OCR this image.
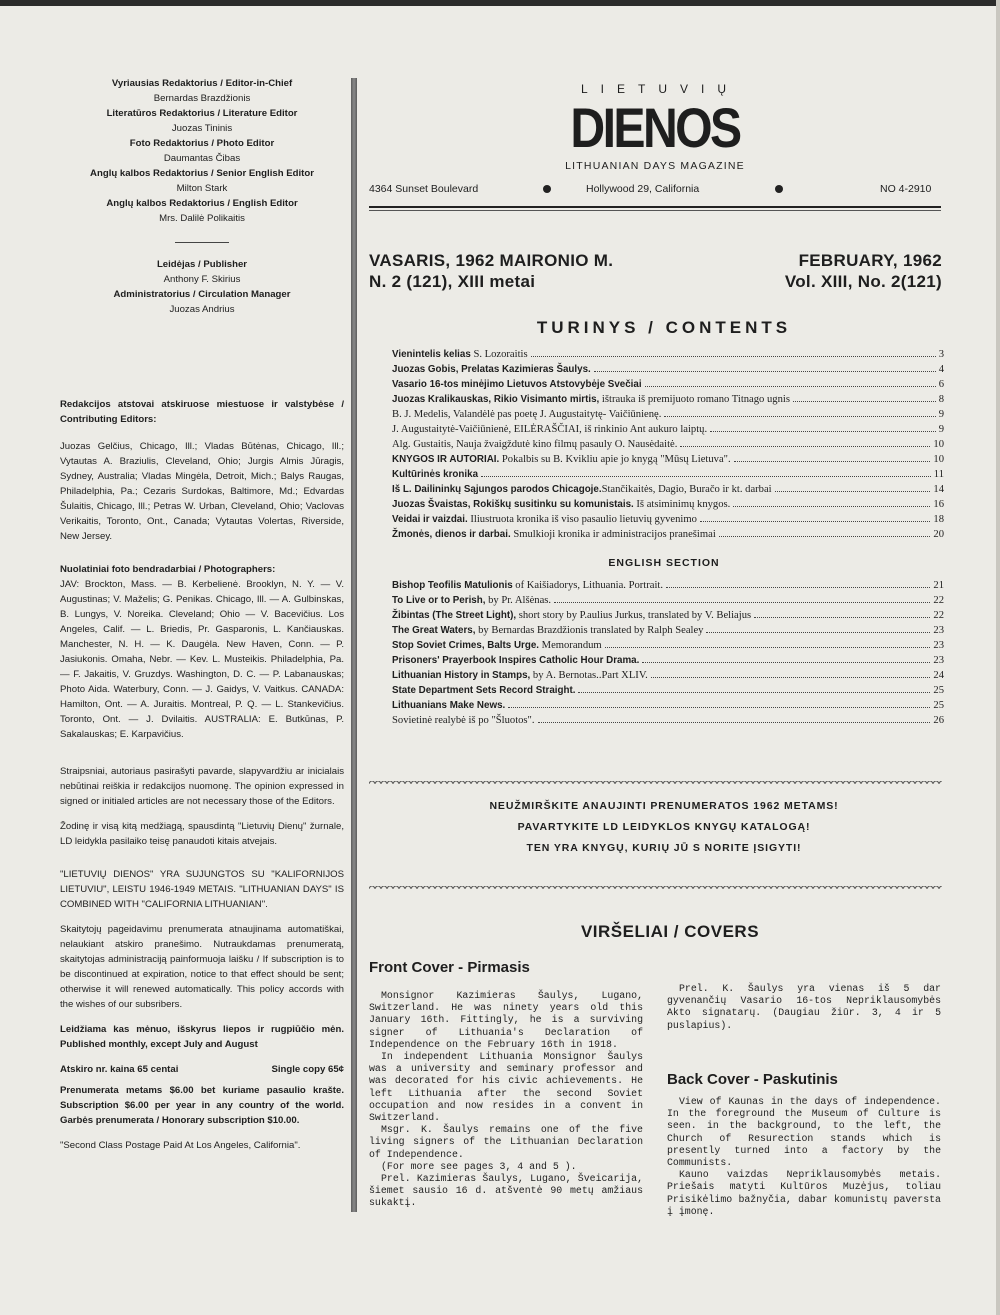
Vyriausias Redaktorius / Editor-in-Chief

Bernardas Brazdžionis

Literatūros Redaktorius / Literature Editor

Juozas Tininis

Foto Redaktorius / Photo Editor

Daumantas Čibas

Anglų kalbos Redaktorius / Senior English Editor

Milton Stark

Anglų kalbos Redaktorius / English Editor

Mrs. Dalilė Polikaitis

Leidėjas / Publisher

Anthony F. Skirius

Administratorius / Circulation Manager

Juozas Andrius

Redakcijos atstovai atskiruose miestuose ir valstybėse / Contributing Editors:

Juozas Gelčius, Chicago, Ill.; Vladas Būtėnas, Chicago, Ill.; Vytautas A. Braziulis, Cleveland, Ohio; Jurgis Almis Jūragis, Sydney, Australia; Vladas Mingėla, Detroit, Mich.; Balys Raugas, Philadelphia, Pa.; Cezaris Surdokas, Baltimore, Md.; Edvardas Šulaitis, Chicago, Ill.; Petras W. Urban, Cleveland, Ohio; Vaclovas Verikaitis, Toronto, Ont., Canada; Vytautas Volertas, Riverside, New Jersey.

Nuolatiniai foto bendradarbiai / Photographers:

JAV: Brockton, Mass. — B. Kerbelienė. Brooklyn, N. Y. — V. Augustinas; V. Maželis; G. Penikas. Chicago, Ill. — A. Gulbinskas, B. Lungys, V. Noreika. Cleveland; Ohio — V. Bacevičius. Los Angeles, Calif. — L. Briedis, Pr. Gasparonis, L. Kančiauskas. Manchester, N. H. — K. Daugėla. New Haven, Conn. — P. Jasiukonis. Omaha, Nebr. — Kev. L. Musteikis. Philadelphia, Pa. — F. Jakaitis, V. Gruzdys. Washington, D. C. — P. Labanauskas; Photo Aida. Waterbury, Conn. — J. Gaidys, V. Vaitkus. CANADA: Hamilton, Ont. — A. Juraitis. Montreal, P. Q. — L. Stankevičius. Toronto, Ont. — J. Dvilaitis. AUSTRALIA: E. Butkūnas, P. Sakalauskas; E. Karpavičius.

Straipsniai, autoriaus pasirašyti pavarde, slapyvardžiu ar inicialais nebūtinai reiškia ir redakcijos nuomonę. The opinion expressed in signed or initialed articles are not necessary those of the Editors.

Žodinę ir visą kitą medžiagą, spausdintą "Lietuvių Dienų" žurnale, LD leidykla pasilaiko teisę panaudoti kitais atvejais.

"LIETUVIŲ DIENOS" YRA SUJUNGTOS SU "KALIFORNIJOS LIETUVIU", LEISTU 1946-1949 METAIS. "LITHUANIAN DAYS" IS COMBINED WITH "CALIFORNIA LITHUANIAN".

Skaitytojų pageidavimu prenumerata atnaujinama automatiškai, nelaukiant atskiro pranešimo. Nutraukdamas prenumeratą, skaitytojas administraciją painformuoja laišku / If subscription is to be discontinued at expiration, notice to that effect should be sent; otherwise it will renewed automatically. This policy accords with the wishes of our subsribers.

Leidžiama kas mėnuo, išskyrus liepos ir rugpiūčio mėn. Published monthly, except July and August

Atskiro nr. kaina 65 centai	Single copy 65¢

Prenumerata metams $6.00 bet kuriame pasaulio krašte. Subscription $6.00 per year in any country of the world. Garbės prenumerata / Honorary subscription $10.00.

"Second Class Postage Paid At Los Angeles, California".

LIETUVIŲ
DIENOS
LITHUANIAN DAYS MAGAZINE
4364 Sunset Boulevard	Hollywood 29, California	NO 4-2910
VASARIS, 1962 MAIRONIO M.
N. 2 (121), XIII metai
FEBRUARY, 1962
Vol. XIII, No. 2(121)
TURINYS / CONTENTS
Vienintelis kelias S. Lozoraitis	3
Juozas Gobis, Prelatas Kazimieras Šaulys.	4
Vasario 16-tos minėjimo Lietuvos Atstovybėje Svečiai	6
Juozas Kralikauskas, Rikio Visimanto mirtis, ištrauka iš premijuoto romano Titnago ugnis	8
B. J. Medelis, Valandėlė pas poetę J. Augustaitytę- Vaičiūnienę.	9
J. Augustaitytė-Vaičiūnienė, EILĖRAŠČIAI, iš rinkinio Ant aukuro laiptų.	9
Alg. Gustaitis, Nauja žvaigždutė kino filmų pasauly O. Nausėdaitė.	10
KNYGOS IR AUTORIAI. Pokalbis su B. Kvikliu apie jo knygą "Mūsų Lietuva".	10
Kultūrinės kronika	11
Iš L. Dailininkų Sąjungos parodos Chicagoje.Stančikaitės, Dagio, Buračo ir kt. darbai	14
Juozas Švaistas, Rokiškų susitinku su komunistais. Iš atsiminimų knygos.	16
Veidai ir vaizdai. Iliustruota kronika iš viso pasaulio lietuvių gyvenimo	18
Žmonės, dienos ir darbai. Smulkioji kronika ir administracijos pranešimai	20
ENGLISH SECTION
Bishop Teofilis Matulionis of Kaišiadorys, Lithuania. Portrait.	21
To Live or to Perish, by Pr. Alšėnas.	22
Žibintas (The Street Light), short story by P.aulius Jurkus, translated by V. Beliajus	22
The Great Waters, by Bernardas Brazdžionis translated by Ralph Sealey	23
Stop Soviet Crimes, Balts Urge. Memorandum	23
Prisoners' Prayerbook Inspires Catholic Hour Drama.	23
Lithuanian History in Stamps, by A. Bernotas..Part XLIV.	24
State Department Sets Record Straight.	25
Lithuanians Make News.	25
Sovietinė realybė iš po "Šluotos".	26
NEUŽMIRŠKITE ANAUJINTI PRENUMERATOS 1962 METAMS!
PAVARTYKITE LD LEIDYKLOS KNYGŲ KATALOGĄ!
TEN YRA KNYGŲ, KURIŲ JŪ S NORITE ĮSIGYTI!
VIRŠELIAI / COVERS
Front Cover - Pirmasis

Monsignor Kazimieras Šaulys, Lugano, Switzerland. He was ninety years old this January 16th. Fittingly, he is a surviving signer of Lithuania's Declaration of Independence on the February 16th in 1918.

In independent Lithuania Monsignor Šaulys was a university and seminary professor and was decorated for his civic achievements. He left Lithuania after the second Soviet occupation and now resides in a convent in Switzerland.

Msgr. K. Šaulys remains one of the five living signers of the Lithuanian Declaration of Independence.

(For more see pages 3, 4 and 5 ).

Prel. Kazimieras Šaulys, Lugano, Šveicarija, šiemet sausio 16 d. atšventė 90 metų amžiaus sukaktį.

Prel. K. Šaulys yra vienas iš 5 dar gyvenančių Vasario 16-tos Nepriklausomybės Akto signatarų. (Daugiau žiūr. 3, 4 ir 5 puslapius).

Back Cover - Paskutinis

View of Kaunas in the days of independence. In the foreground the Museum of Culture is seen. in the background, to the left, the Church of Resurection stands which is presently turned into a factory by the Communists.

Kauno vaizdas Nepriklausomybės metais. Priešais matyti Kultūros Muzėjus, toliau Prisikėlimo bažnyčia, dabar komunistų paversta į įmonę.
